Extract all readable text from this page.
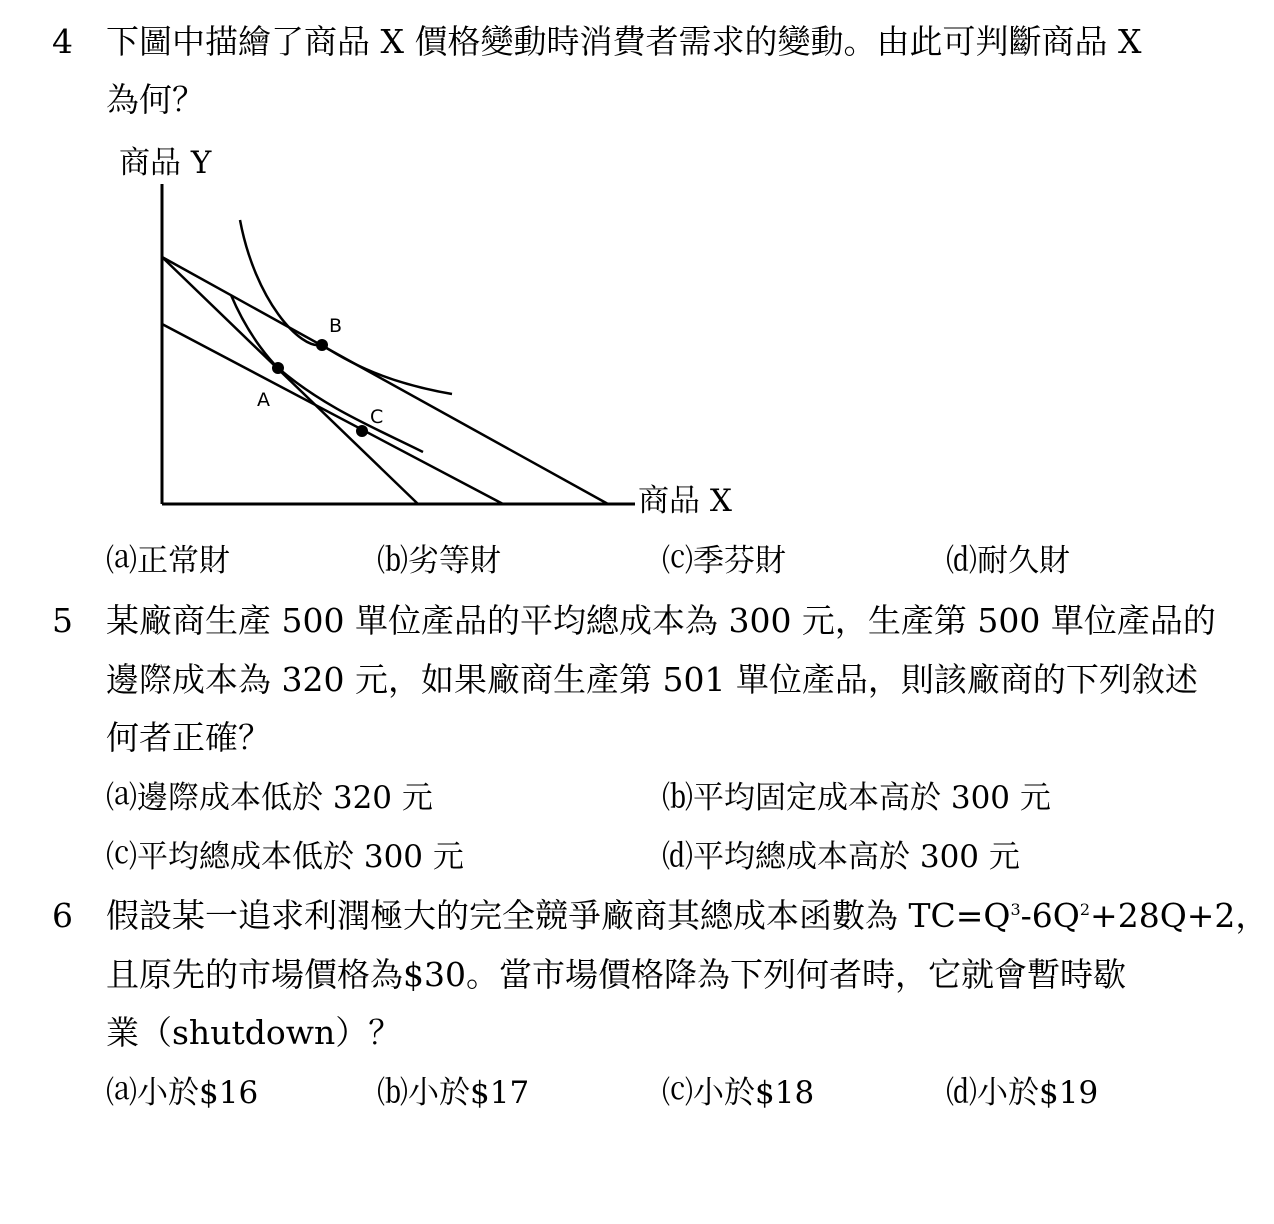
4 下圖中描繪了商品 X 價格變動時消費者需求的變動。由此可判斷商品 X
為何？
A
B
C
商品 Y
商品 X
⒜正常財	⒝劣等財	⒞季芬財	⒟耐久財
5 某廠商生產 500 單位產品的平均總成本為 300 元，生產第 500 單位產品的
邊際成本為 320 元，如果廠商生產第 501 單位產品，則該廠商的下列敘述
何者正確？
⒜邊際成本低於 320 元	⒝平均固定成本高於 300 元
⒞平均總成本低於 300 元	⒟平均總成本高於 300 元
6 假設某一追求利潤極大的完全競爭廠商其總成本函數為 $TC=Q^3-6Q^2+28Q+2$，
且原先的市場價格為$30。當市場價格降為下列何者時，它就會暫時歇
業（shutdown）？
⒜小於$16	⒝小於$17	⒞小於$18	⒟小於$19
